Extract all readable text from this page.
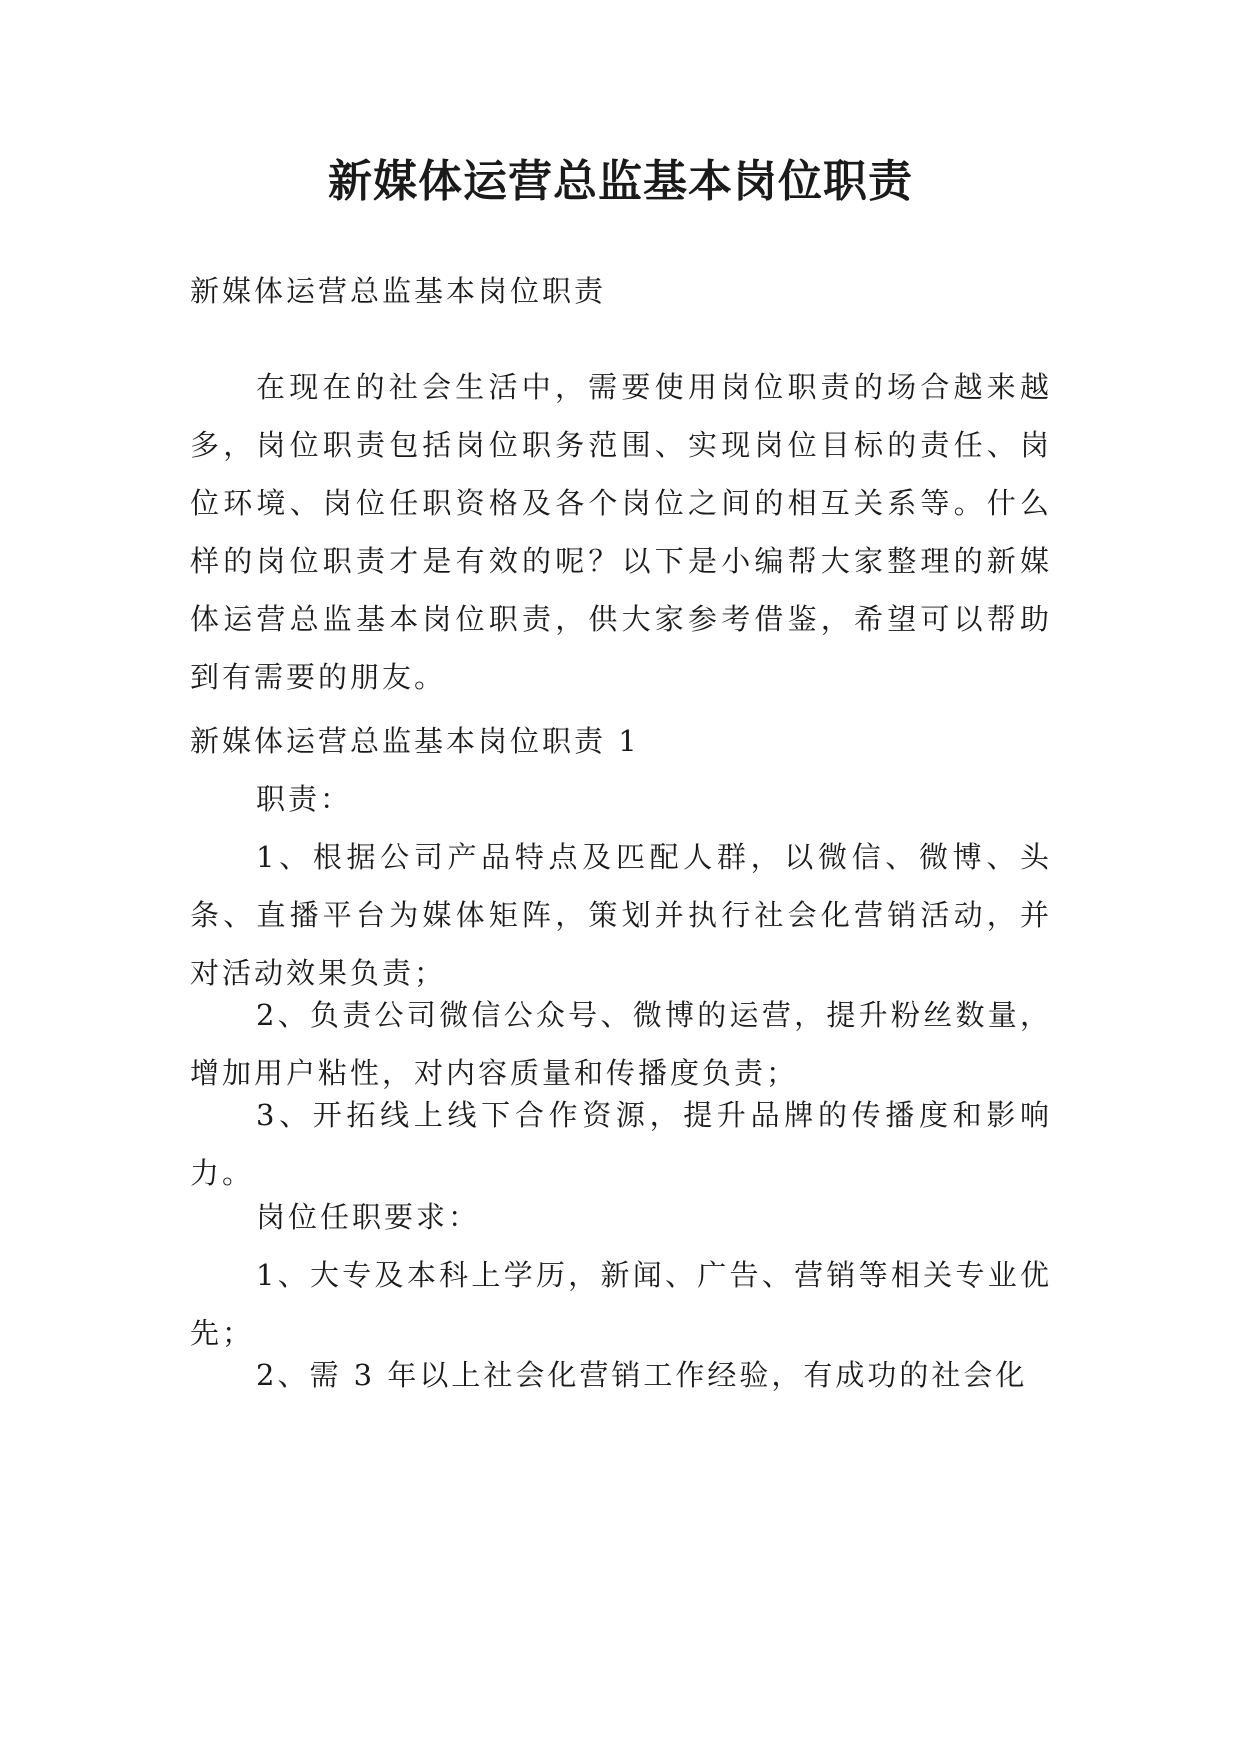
新媒体运营总监基本岗位职责

新媒体运营总监基本岗位职责

在现在的社会生活中，需要使用岗位职责的场合越来越多，岗位职责包括岗位职务范围、实现岗位目标的责任、岗位环境、岗位任职资格及各个岗位之间的相互关系等。什么样的岗位职责才是有效的呢？以下是小编帮大家整理的新媒体运营总监基本岗位职责，供大家参考借鉴，希望可以帮助到有需要的朋友。

新媒体运营总监基本岗位职责 1

职责：

1、根据公司产品特点及匹配人群，以微信、微博、头条、直播平台为媒体矩阵，策划并执行社会化营销活动，并对活动效果负责；

2、负责公司微信公众号、微博的运营，提升粉丝数量，增加用户粘性，对内容质量和传播度负责；

3、开拓线上线下合作资源，提升品牌的传播度和影响力。

岗位任职要求：

1、大专及本科上学历，新闻、广告、营销等相关专业优先；

2、需 3 年以上社会化营销工作经验，有成功的社会化
